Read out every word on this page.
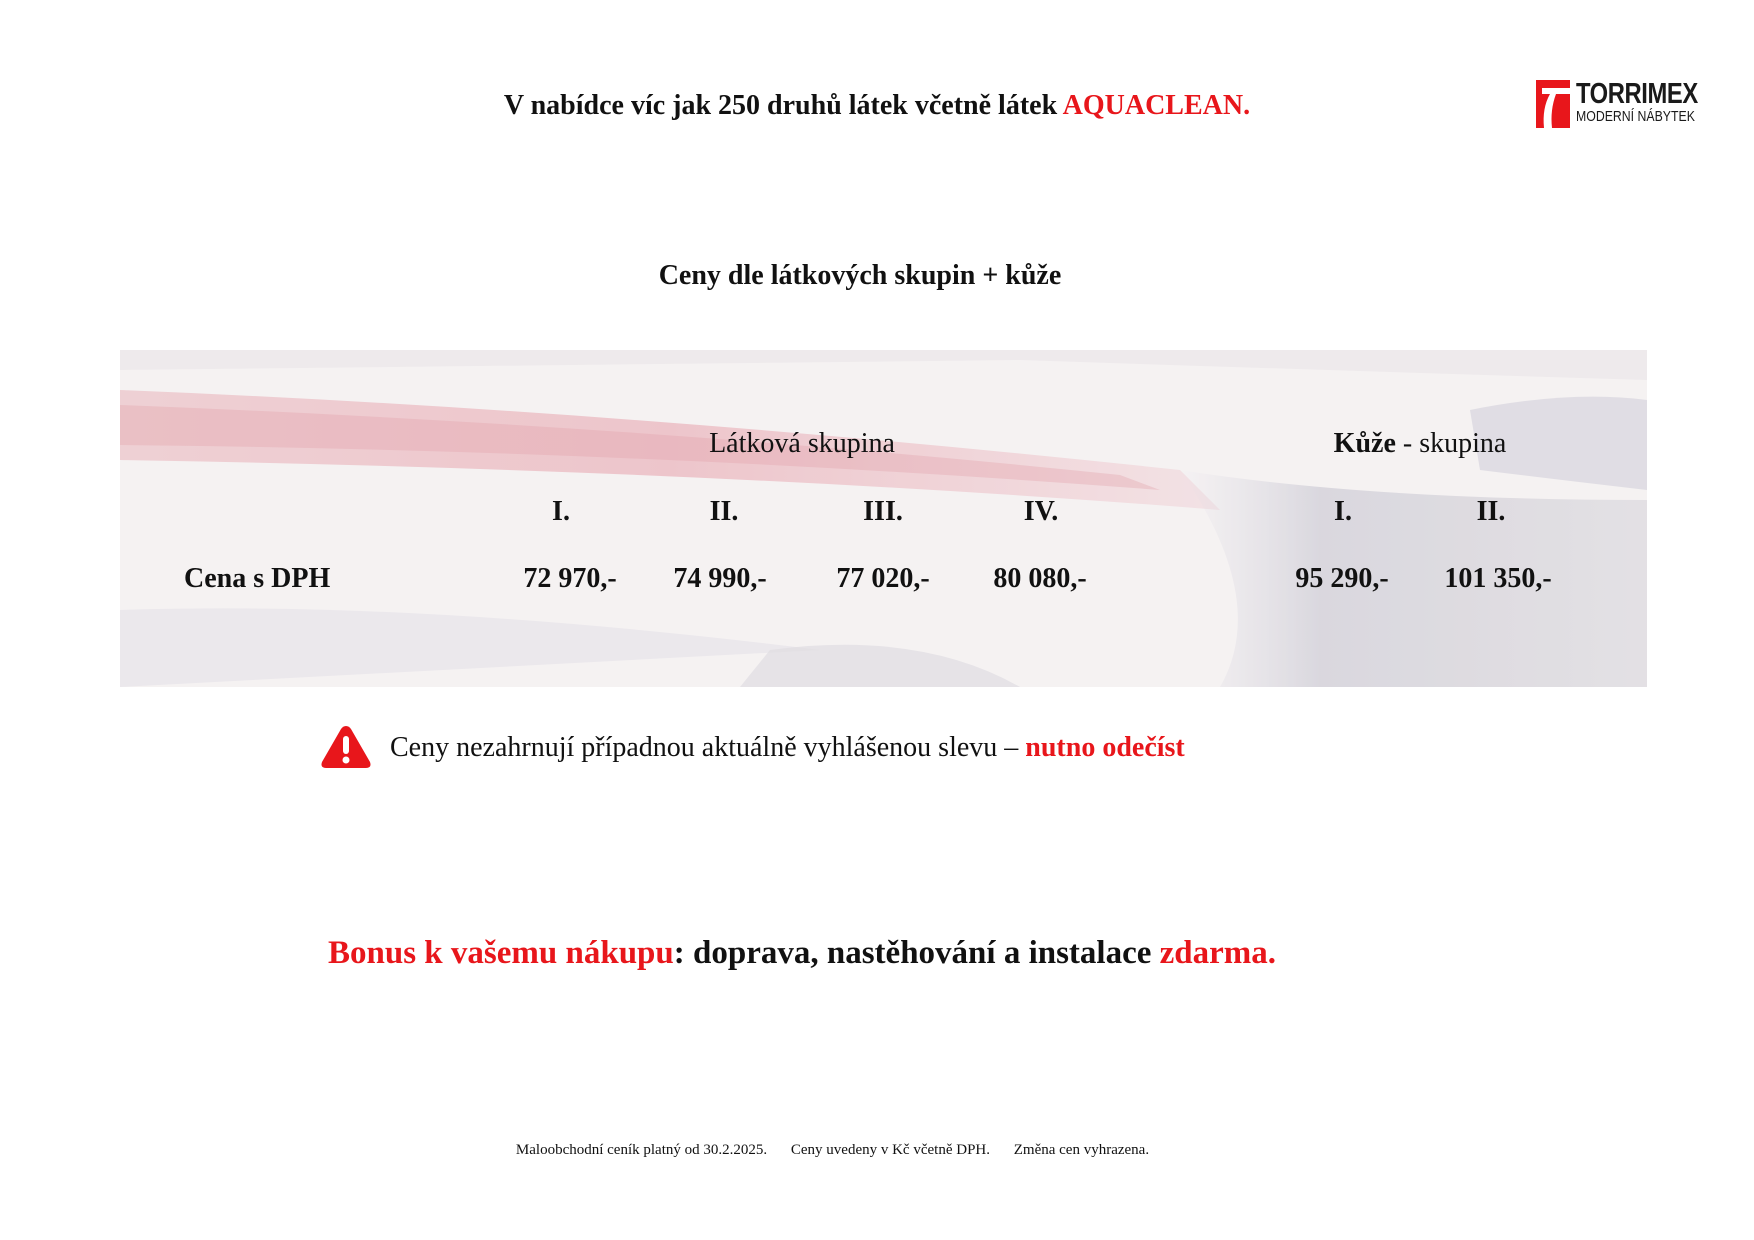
V nabídce víc jak 250 druhů látek včetně látek AQUACLEAN.	TORRIMEX
MODERNÍ NÁBYTEK
Ceny dle látkových skupin + kůže
Látková skupina	Kůže - skupina
I.	II.	III.	IV.	I.	II.
Cena s DPH	72 970,- 74 990,- 77 020,- 80 080,-	95 290,- 101 350,-
Ceny nezahrnují případnou aktuálně vyhlášenou slevu – nutno odečíst
Bonus k vašemu nákupu: doprava, nastěhování a instalace zdarma.
Maloobchodní ceník platný od 30.2.2025. Ceny uvedeny v Kč včetně DPH. Změna cen vyhrazena.
